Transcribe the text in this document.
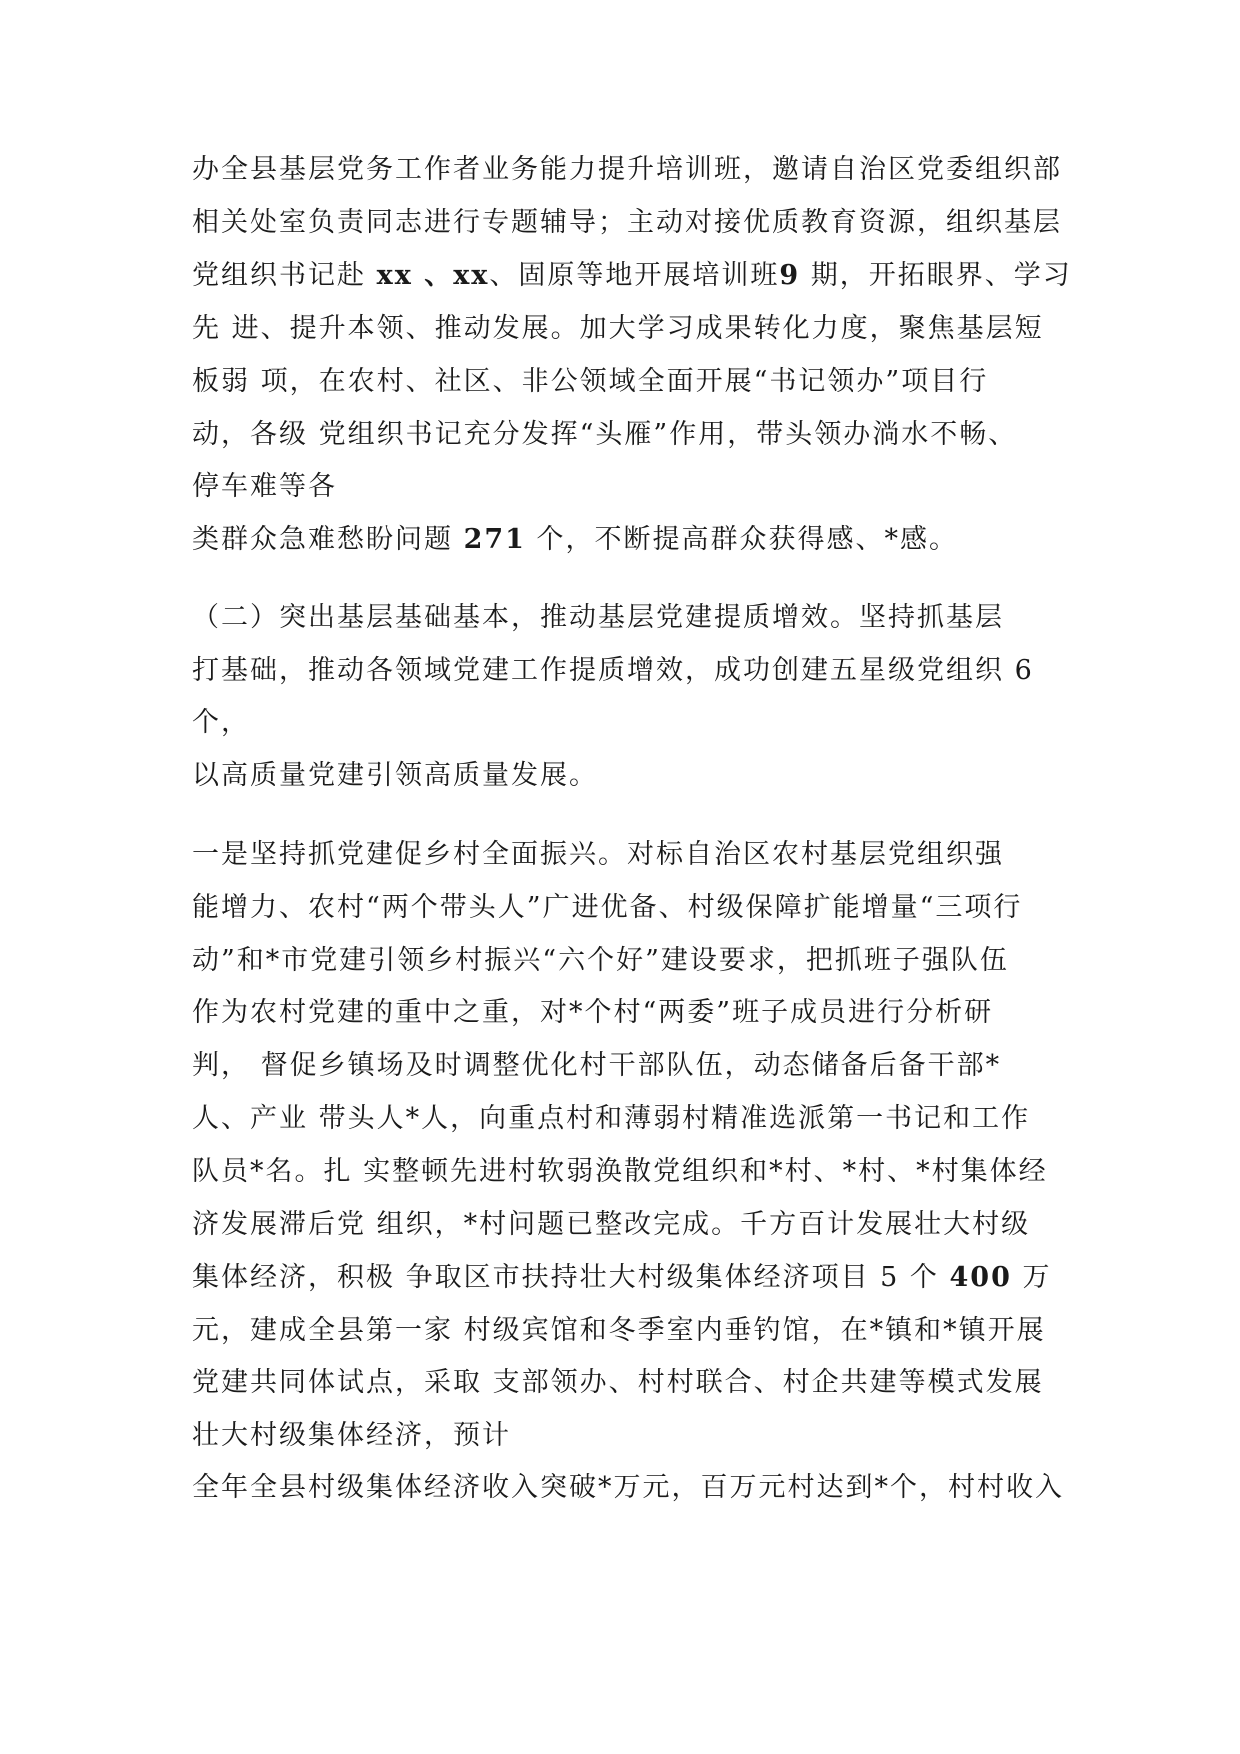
办全县基层党务工作者业务能力提升培训班，邀请自治区党委组织部
相关处室负责同志进行专题辅导；主动对接优质教育资源，组织基层
党组织书记赴 xx 、xx、固原等地开展培训班9 期，开拓眼界、学习
先 进、提升本领、推动发展。加大学习成果转化力度，聚焦基层短
板弱 项，在农村、社区、非公领域全面开展“书记领办”项目行
动，各级 党组织书记充分发挥“头雁”作用，带头领办淌水不畅、
停车难等各
类群众急难愁盼问题 271 个，不断提高群众获得感、*感。
（二）突出基层基础基本，推动基层党建提质增效。坚持抓基层
打基础，推动各领域党建工作提质增效，成功创建五星级党组织 6
个，
以高质量党建引领高质量发展。
一是坚持抓党建促乡村全面振兴。对标自治区农村基层党组织强
能增力、农村“两个带头人”广进优备、村级保障扩能增量“三项行
动”和*市党建引领乡村振兴“六个好”建设要求，把抓班子强队伍
作为农村党建的重中之重，对*个村“两委”班子成员进行分析研
判， 督促乡镇场及时调整优化村干部队伍，动态储备后备干部*
人、产业 带头人*人，向重点村和薄弱村精准选派第一书记和工作
队员*名。扎 实整顿先进村软弱涣散党组织和*村、*村、*村集体经
济发展滞后党 组织，*村问题已整改完成。千方百计发展壮大村级
集体经济，积极 争取区市扶持壮大村级集体经济项目 5 个 400 万
元，建成全县第一家 村级宾馆和冬季室内垂钓馆，在*镇和*镇开展
党建共同体试点，采取 支部领办、村村联合、村企共建等模式发展
壮大村级集体经济，预计
全年全县村级集体经济收入突破*万元，百万元村达到*个，村村收入
